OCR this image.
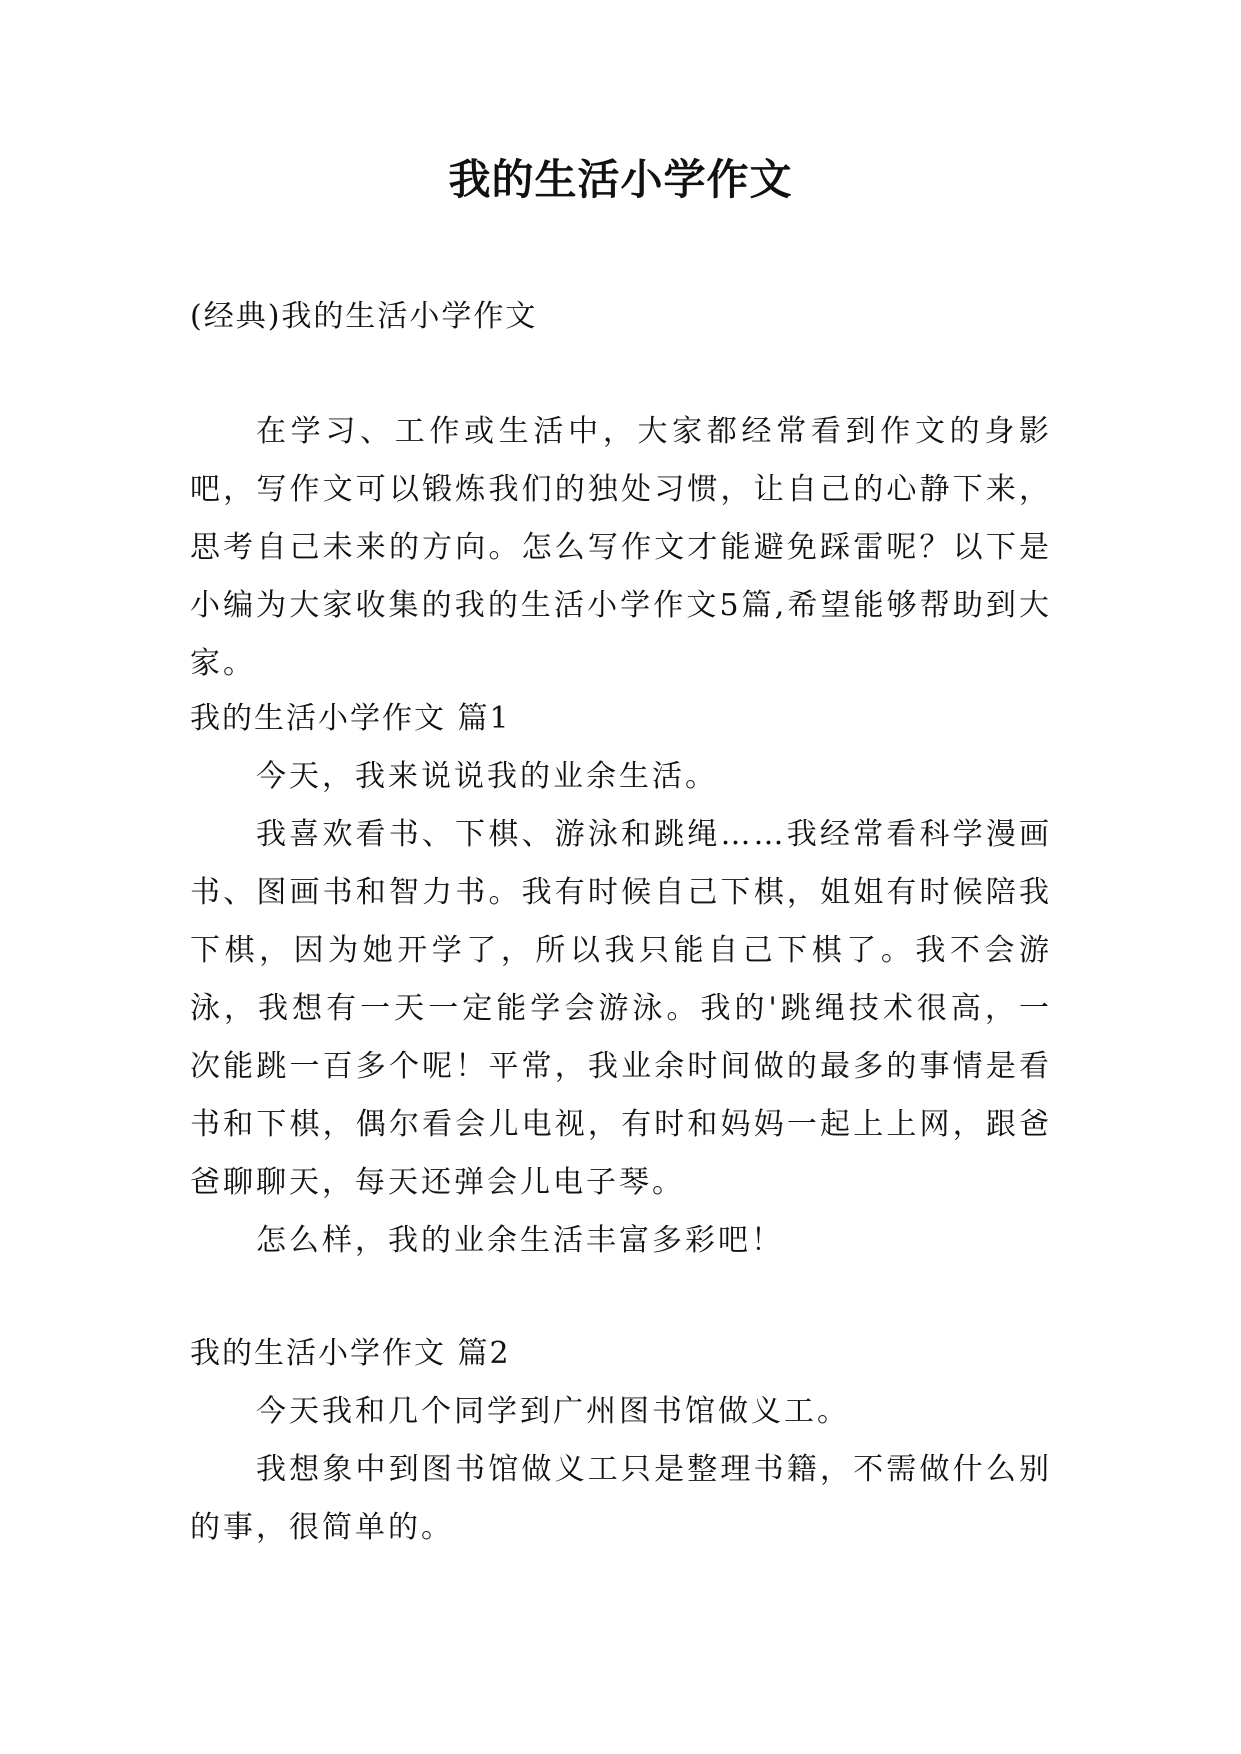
我的生活小学作文
(经典)我的生活小学作文

在学习、工作或生活中，大家都经常看到作文的身影吧，写作文可以锻炼我们的独处习惯，让自己的心静下来，思考自己未来的方向。怎么写作文才能避免踩雷呢？以下是小编为大家收集的我的生活小学作文5篇,希望能够帮助到大家。

我的生活小学作文 篇1

今天，我来说说我的业余生活。

我喜欢看书、下棋、游泳和跳绳……我经常看科学漫画书、图画书和智力书。我有时候自己下棋，姐姐有时候陪我下棋，因为她开学了，所以我只能自己下棋了。我不会游泳，我想有一天一定能学会游泳。我的'跳绳技术很高，一次能跳一百多个呢！平常，我业余时间做的最多的事情是看书和下棋，偶尔看会儿电视，有时和妈妈一起上上网，跟爸爸聊聊天，每天还弹会儿电子琴。

怎么样，我的业余生活丰富多彩吧！

我的生活小学作文 篇2

今天我和几个同学到广州图书馆做义工。

我想象中到图书馆做义工只是整理书籍，不需做什么别的事，很简单的。
